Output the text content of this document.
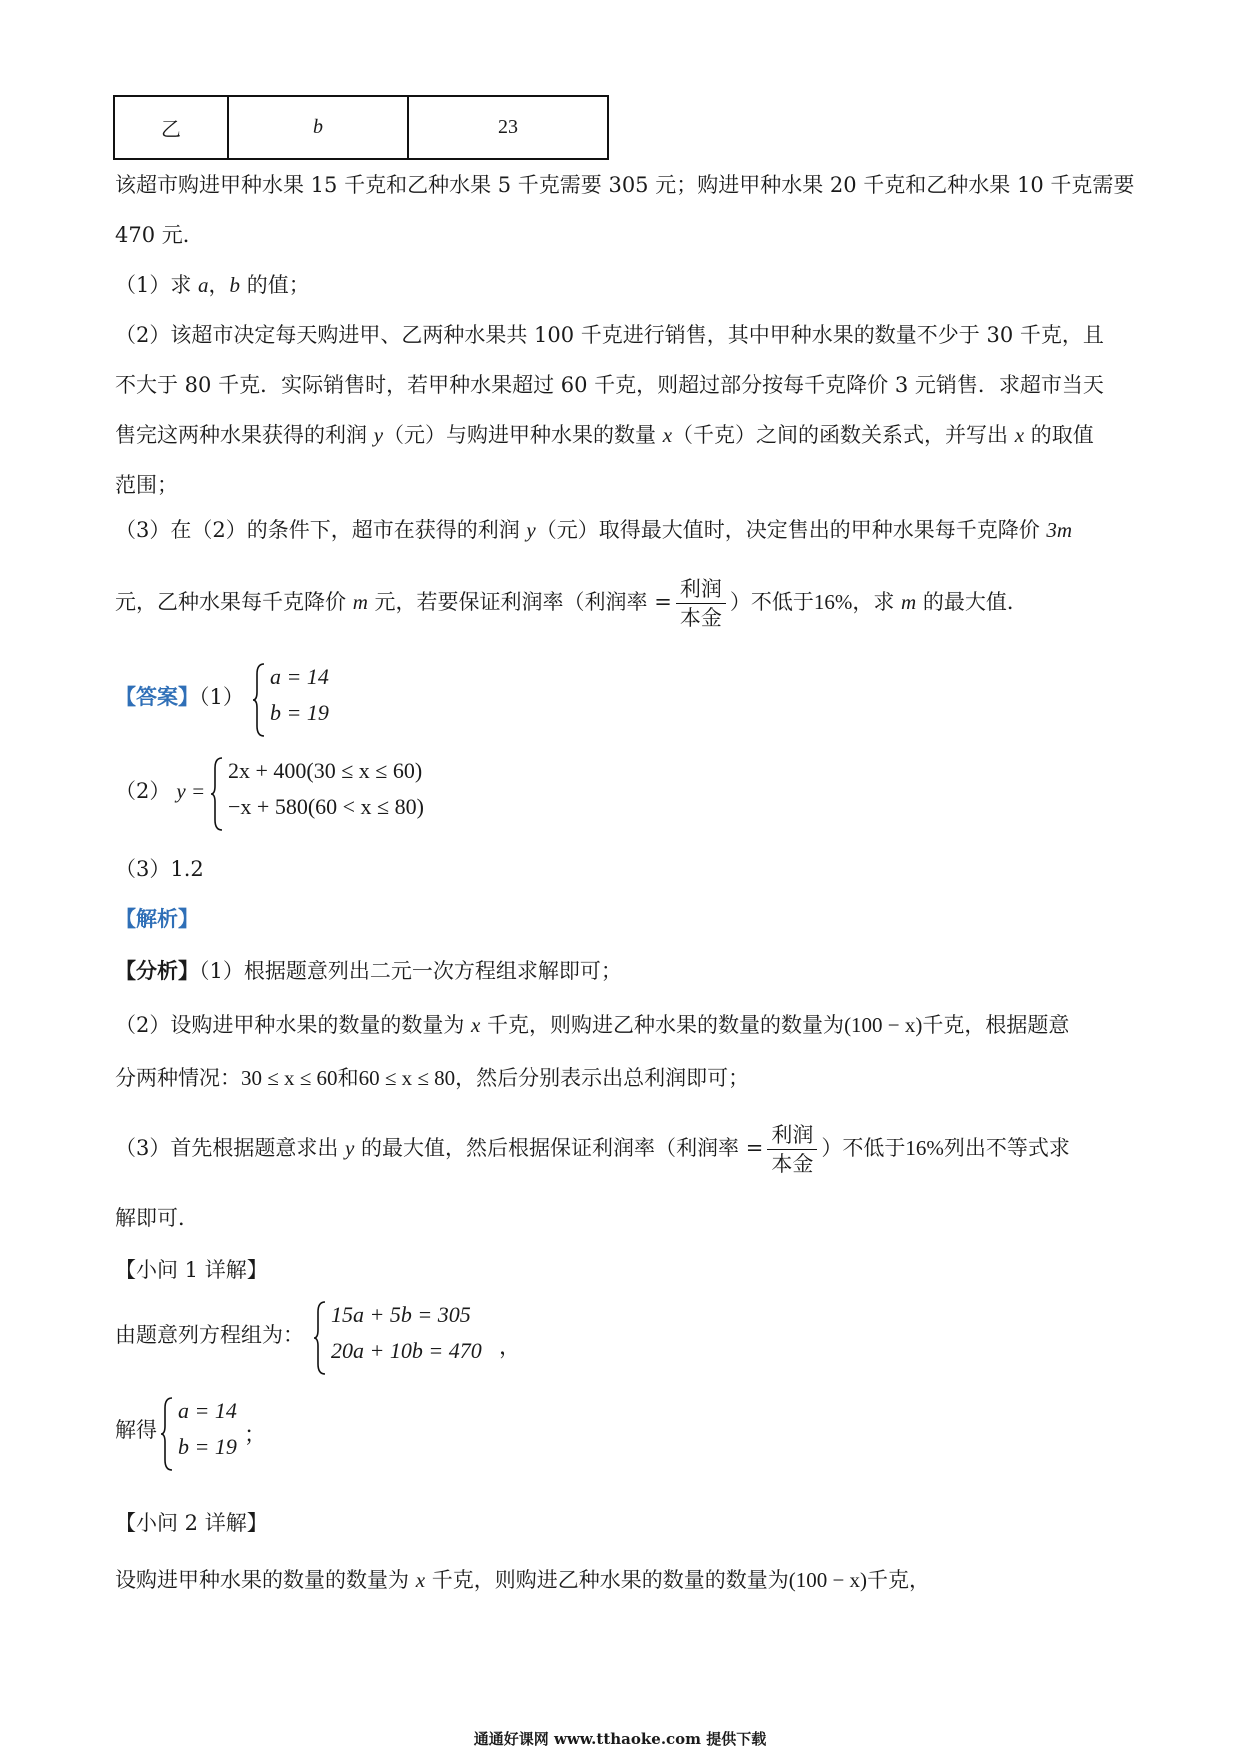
乙	b	23
该超市购进甲种水果 15 千克和乙种水果 5 千克需要 305 元；购进甲种水果 20 千克和乙种水果 10 千克需要
470 元．
（1）求 a，b 的值；
（2）该超市决定每天购进甲、乙两种水果共 100 千克进行销售，其中甲种水果的数量不少于 30 千克，且
不大于 80 千克．实际销售时，若甲种水果超过 60 千克，则超过部分按每千克降价 3 元销售．求超市当天
售完这两种水果获得的利润 y（元）与购进甲种水果的数量 x（千克）之间的函数关系式，并写出 x 的取值
范围；
（3）在（2）的条件下，超市在获得的利润 y（元）取得最大值时，决定售出的甲种水果每千克降价 3m
元，乙种水果每千克降价 m 元，若要保证利润率（利润率 = $\frac{\text{利润}}{\text{本金}}$ ）不低于16%，求 m 的最大值．
【答案】（1）
a = 14
b = 19
（2） y =
2x + 400(30 ≤ x ≤ 60)
−x + 580(60 < x ≤ 80)
（3）1.2
【解析】
【分析】（1）根据题意列出二元一次方程组求解即可；
（2）设购进甲种水果的数量的数量为 x 千克，则购进乙种水果的数量的数量为(100 − x)千克，根据题意
分两种情况：30 ≤ x ≤ 60和60 ≤ x ≤ 80，然后分别表示出总利润即可；
（3）首先根据题意求出 y 的最大值，然后根据保证利润率（利润率 = $\frac{\text{利润}}{\text{本金}}$ ）不低于16%列出不等式求
解即可．
【小问 1 详解】
由题意列方程组为：
15a + 5b = 305
20a + 10b = 470 ，
解得
a = 14
b = 19 ；
【小问 2 详解】
设购进甲种水果的数量的数量为 x 千克，则购进乙种水果的数量的数量为(100 − x)千克，
通通好课网 www.tthaoke.com 提供下载
